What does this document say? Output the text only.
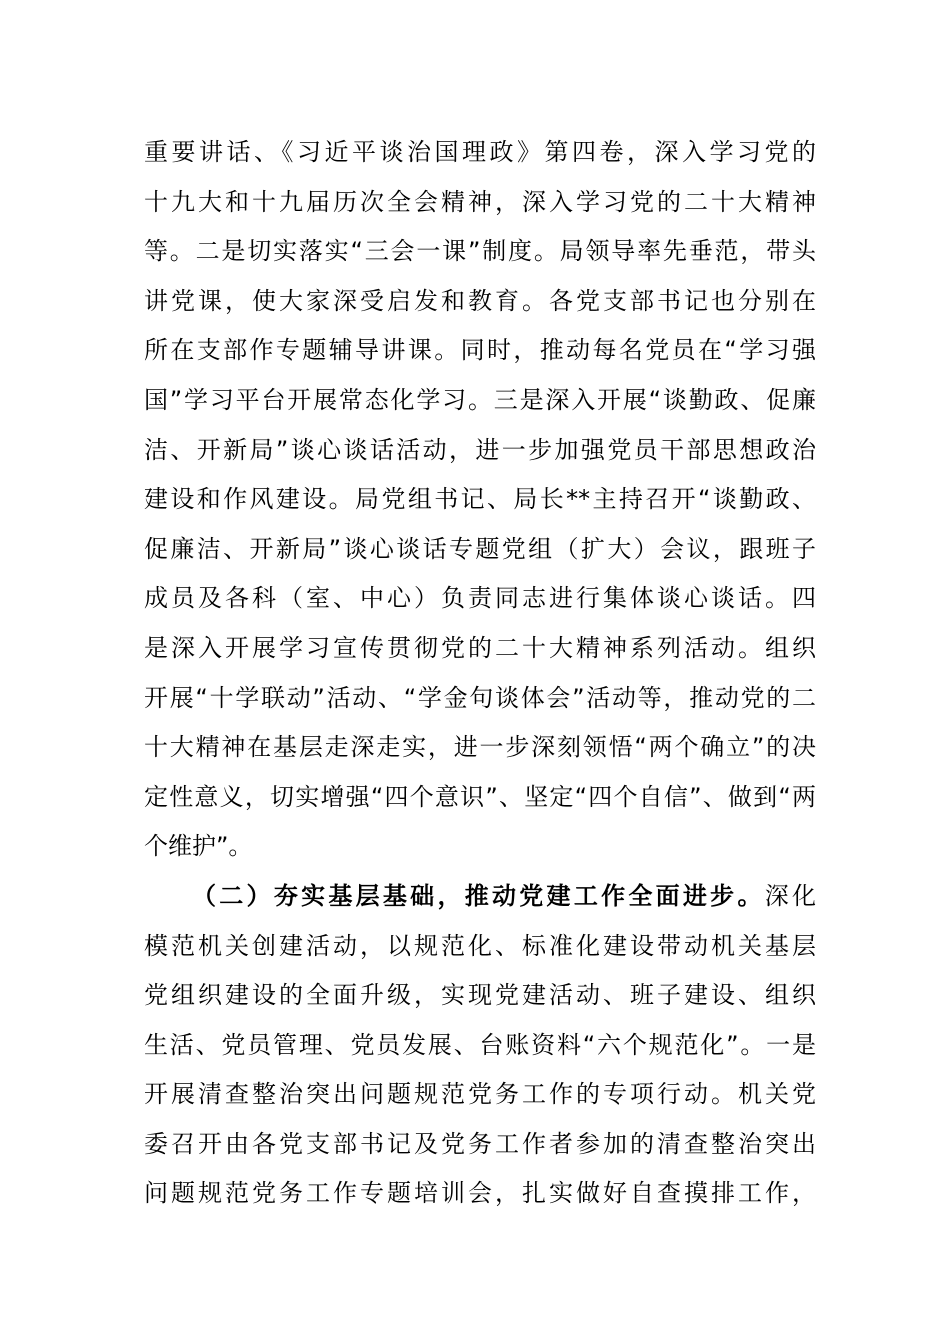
重要讲话、《习近平谈治国理政》第四卷，深入学习党的
十九大和十九届历次全会精神，深入学习党的二十大精神
等。二是切实落实“三会一课”制度。局领导率先垂范，带头
讲党课，使大家深受启发和教育。各党支部书记也分别在
所在支部作专题辅导讲课。同时，推动每名党员在“学习强
国”学习平台开展常态化学习。三是深入开展“谈勤政、促廉
洁、开新局”谈心谈话活动，进一步加强党员干部思想政治
建设和作风建设。局党组书记、局长**主持召开“谈勤政、
促廉洁、开新局”谈心谈话专题党组（扩大）会议，跟班子
成员及各科（室、中心）负责同志进行集体谈心谈话。四
是深入开展学习宣传贯彻党的二十大精神系列活动。组织
开展“十学联动”活动、“学金句谈体会”活动等，推动党的二
十大精神在基层走深走实，进一步深刻领悟“两个确立”的决
定性意义，切实增强“四个意识”、坚定“四个自信”、做到“两
个维护”。
（二）夯实基层基础，推动党建工作全面进步。深化
模范机关创建活动，以规范化、标准化建设带动机关基层
党组织建设的全面升级，实现党建活动、班子建设、组织
生活、党员管理、党员发展、台账资料“六个规范化”。一是
开展清查整治突出问题规范党务工作的专项行动。机关党
委召开由各党支部书记及党务工作者参加的清查整治突出
问题规范党务工作专题培训会，扎实做好自查摸排工作，
